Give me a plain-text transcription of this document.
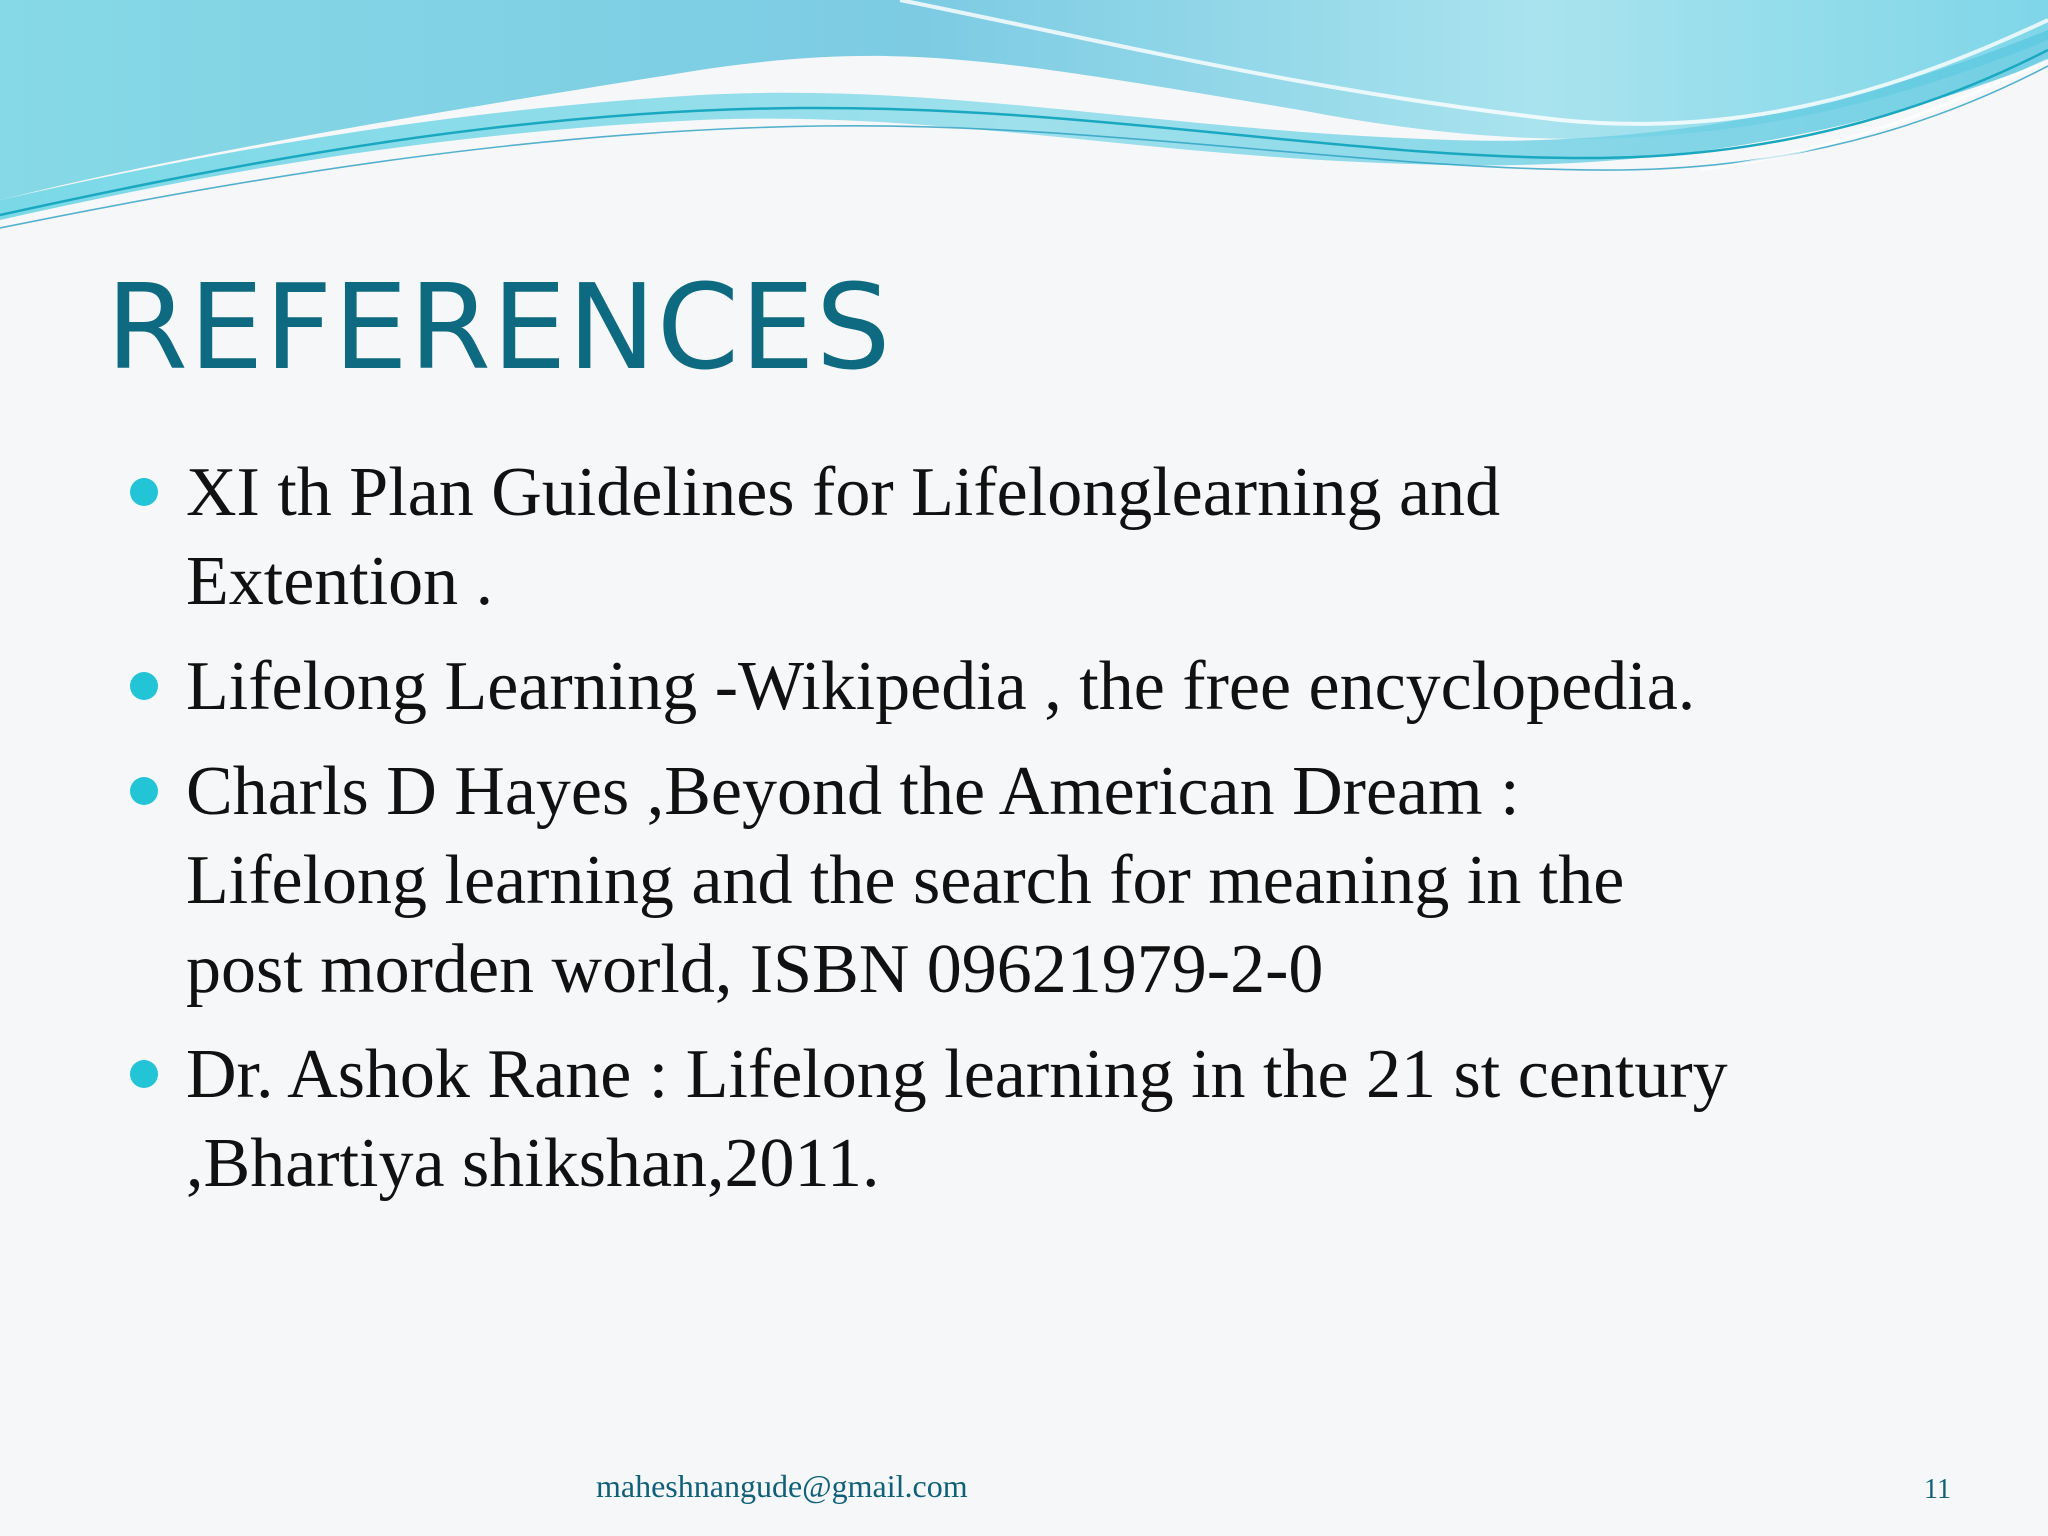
REFERENCES
XI th Plan Guidelines for Lifelonglearning and
Extention .
Lifelong Learning -Wikipedia , the free encyclopedia.
Charls D Hayes ,Beyond the American Dream :
Lifelong learning and the search for meaning in the
post morden world, ISBN 09621979-2-0
Dr. Ashok Rane : Lifelong learning in the 21 st century
,Bhartiya shikshan,2011.
maheshnangude@gmail.com	11
